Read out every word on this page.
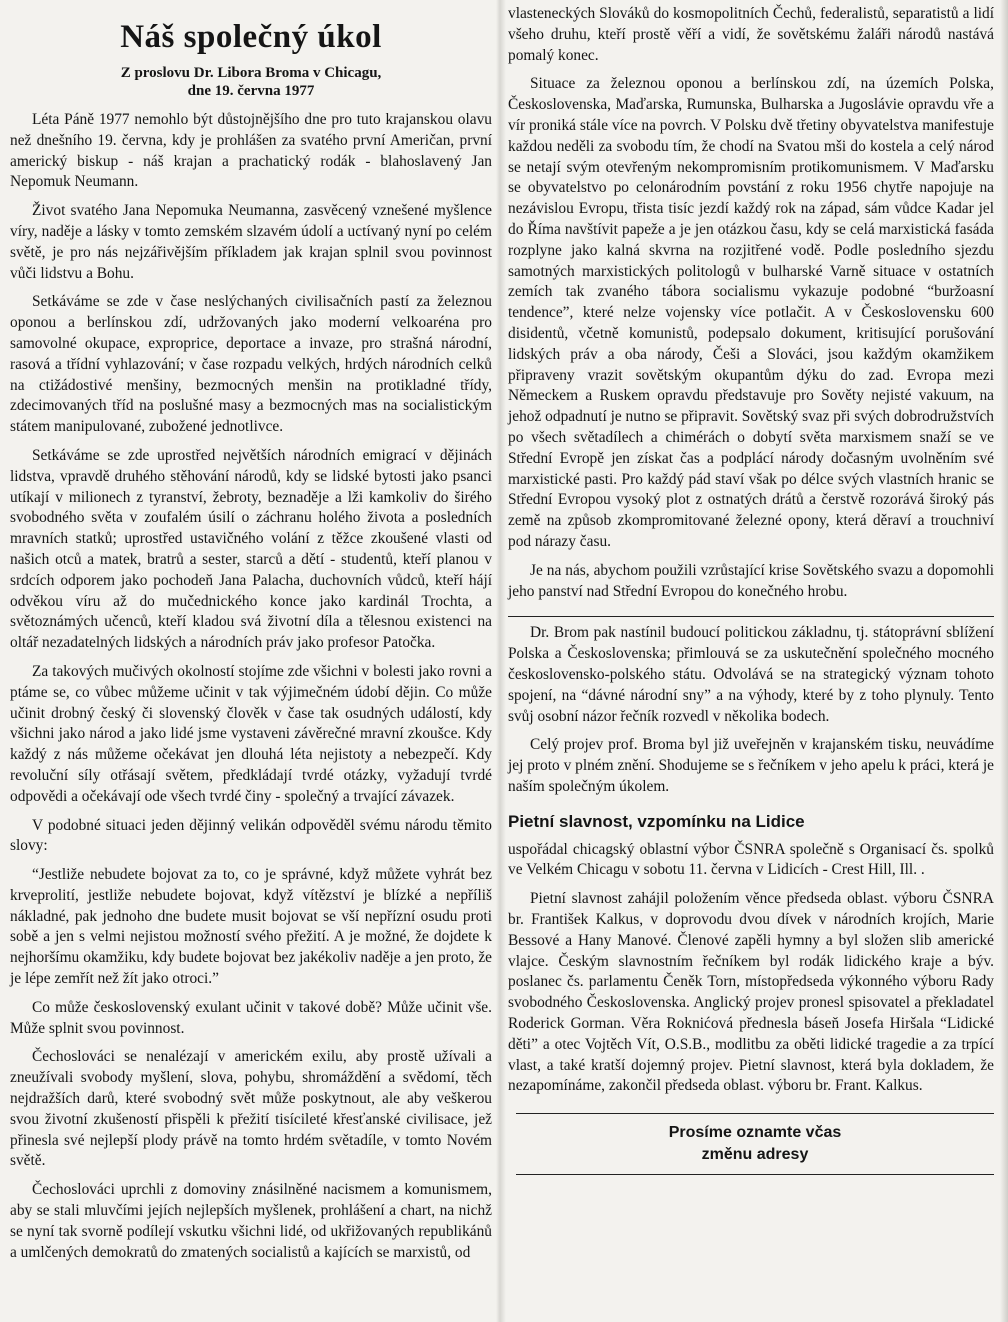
Náš společný úkol
Z proslovu Dr. Libora Broma v Chicagu,
dne 19. června 1977

Léta Páně 1977 nemohlo být důstojnějšího dne pro tuto krajanskou olavu než dnešního 19. června, kdy je prohlášen za svatého první Američan, první americký biskup - náš krajan a prachatický rodák - blahoslavený Jan Nepomuk Neumann.

Život svatého Jana Nepomuka Neumanna, zasvěcený vznešené myšlence víry, naděje a lásky v tomto zemském slzavém údolí a uctívaný nyní po celém světě, je pro nás nejzářivějším příkladem jak krajan splnil svou povinnost vůči lidstvu a Bohu.

Setkáváme se zde v čase neslýchaných civilisačních pastí za železnou oponou a berlínskou zdí, udržovaných jako moderní velkoaréna pro samovolné okupace, exproprice, deportace a invaze, pro strašná národní, rasová a třídní vyhlazování; v čase rozpadu velkých, hrdých národních celků na ctižádostivé menšiny, bezmocných menšin na protikladné třídy, zdecimovaných tříd na poslušné masy a bezmocných mas na socialistickým státem manipulované, zubožené jednotlivce.

Setkáváme se zde uprostřed největších národních emigrací v dějinách lidstva, vpravdě druhého stěhování národů, kdy se lidské bytosti jako psanci utíkají v milionech z tyranství, žebroty, beznaděje a lži kamkoliv do širého svobodného světa v zoufalém úsilí o záchranu holého života a posledních mravních statků; uprostřed ustavičného volání z těžce zkoušené vlasti od našich otců a matek, bratrů a sester, starců a dětí - studentů, kteří planou v srdcích odporem jako pochodeň Jana Palacha, duchovních vůdců, kteří hájí odvěkou víru až do mučednického konce jako kardinál Trochta, a světoznámých učenců, kteří kladou svá životní díla a tělesnou existenci na oltář nezadatelných lidských a národních práv jako profesor Patočka.

Za takových mučivých okolností stojíme zde všichni v bolesti jako rovni a ptáme se, co vůbec můžeme učinit v tak výjimečném údobí dějin. Co může učinit drobný český či slovenský člověk v čase tak osudných událostí, kdy všichni jako národ a jako lidé jsme vystaveni závěrečné mravní zkoušce. Kdy každý z nás můžeme očekávat jen dlouhá léta nejistoty a nebezpečí. Kdy revoluční síly otřásají světem, předkládají tvrdé otázky, vyžadují tvrdé odpovědi a očekávají ode všech tvrdé činy - společný a trvající závazek.

V podobné situaci jeden dějinný velikán odpověděl svému národu těmito slovy:

“Jestliže nebudete bojovat za to, co je správné, když můžete vyhrát bez krveprolití, jestliže nebudete bojovat, když vítězství je blízké a nepříliš nákladné, pak jednoho dne budete musit bojovat se vší nepřízní osudu proti sobě a jen s velmi nejistou možností svého přežití. A je možné, že dojdete k nejhoršímu okamžiku, kdy budete bojovat bez jakékoliv naděje a jen proto, že je lépe zemřít než žít jako otroci.”

Co může československý exulant učinit v takové době? Může učinit vše. Může splnit svou povinnost.

Čechoslováci se nenalézají v americkém exilu, aby prostě užívali a zneužívali svobody myšlení, slova, pohybu, shromáždění a svědomí, těch nejdražších darů, které svobodný svět může poskytnout, ale aby veškerou svou životní zkušeností přispěli k přežití tisícileté křesťanské civilisace, jež přinesla své nejlepší plody právě na tomto hrdém světadíle, v tomto Novém světě.

Čechoslováci uprchli z domoviny znásilněné nacismem a komunismem, aby se stali mluvčími jejích nejlepších myšlenek, prohlášení a chart, na nichž se nyní tak svorně podílejí vskutku všichni lidé, od ukřižovaných republikánů a umlčených demokratů do zmatených socialistů a kajících se marxistů, od

vlasteneckých Slováků do kosmopolitních Čechů, federalistů, separatistů a lidí všeho druhu, kteří prostě věří a vidí, že sovětskému žaláři národů nastává pomalý konec.

Situace za železnou oponou a berlínskou zdí, na územích Polska, Československa, Maďarska, Rumunska, Bulharska a Jugoslávie opravdu vře a vír proniká stále více na povrch. V Polsku dvě třetiny obyvatelstva manifestuje každou neděli za svobodu tím, že chodí na Svatou mši do kostela a celý národ se netají svým otevřeným nekompromisním protikomunismem. V Maďarsku se obyvatelstvo po celonárodním povstání z roku 1956 chytře napojuje na nezávislou Evropu, třista tisíc jezdí každý rok na západ, sám vůdce Kadar jel do Říma navštívit papeže a je jen otázkou času, kdy se celá marxistická fasáda rozplyne jako kalná skvrna na rozjitřené vodě. Podle posledního sjezdu samotných marxistických politologů v bulharské Varně situace v ostatních zemích tak zvaného tábora socialismu vykazuje podobné “buržoasní tendence”, které nelze vojensky více potlačit. A v Československu 600 disidentů, včetně komunistů, podepsalo dokument, kritisující porušování lidských práv a oba národy, Češi a Slováci, jsou každým okamžikem připraveny vrazit sovětským okupantům dýku do zad. Evropa mezi Německem a Ruskem opravdu představuje pro Sověty nejisté vakuum, na jehož odpadnutí je nutno se připravit. Sovětský svaz při svých dobrodružstvích po všech světadílech a chimérách o dobytí světa marxismem snaží se ve Střední Evropě jen získat čas a podplácí národy dočasným uvolněním své marxistické pasti. Pro každý pád staví však po délce svých vlastních hranic se Střední Evropou vysoký plot z ostnatých drátů a čerstvě rozorává široký pás země na způsob zkompromitované železné opony, která děraví a trouchniví pod nárazy času.

Je na nás, abychom použili vzrůstající krise Sovětského svazu a dopomohli jeho panství nad Střední Evropou do konečného hrobu.

Dr. Brom pak nastínil budoucí politickou základnu, tj. státoprávní sblížení Polska a Československa; přimlouvá se za uskutečnění společného mocného československo-polského státu. Odvolává se na strategický význam tohoto spojení, na “dávné národní sny” a na výhody, které by z toho plynuly. Tento svůj osobní názor řečník rozvedl v několika bodech.

Celý projev prof. Broma byl již uveřejněn v krajanském tisku, neuvádíme jej proto v plném znění. Shodujeme se s řečníkem v jeho apelu k práci, která je naším společným úkolem.

Pietní slavnost, vzpomínku na Lidice

uspořádal chicagský oblastní výbor ČSNRA společně s Organisací čs. spolků ve Velkém Chicagu v sobotu 11. června v Lidicích - Crest Hill, Ill. .

Pietní slavnost zahájil položením věnce předseda oblast. výboru ČSNRA br. František Kalkus, v doprovodu dvou dívek v národních krojích, Marie Bessové a Hany Manové. Členové zapěli hymny a byl složen slib americké vlajce. Českým slavnostním řečníkem byl rodák lidického kraje a býv. poslanec čs. parlamentu Čeněk Torn, místopředseda výkonného výboru Rady svobodného Československa. Anglický projev pronesl spisovatel a překladatel Roderick Gorman. Věra Roknićová přednesla báseň Josefa Hiršala “Lidické děti” a otec Vojtěch Vít, O.S.B., modlitbu za oběti lidické tragedie a za trpící vlast, a také kratší dojemný projev. Pietní slavnost, která byla dokladem, že nezapomínáme, zakončil předseda oblast. výboru br. Frant. Kalkus.

Prosíme oznamte včas
změnu adresy
